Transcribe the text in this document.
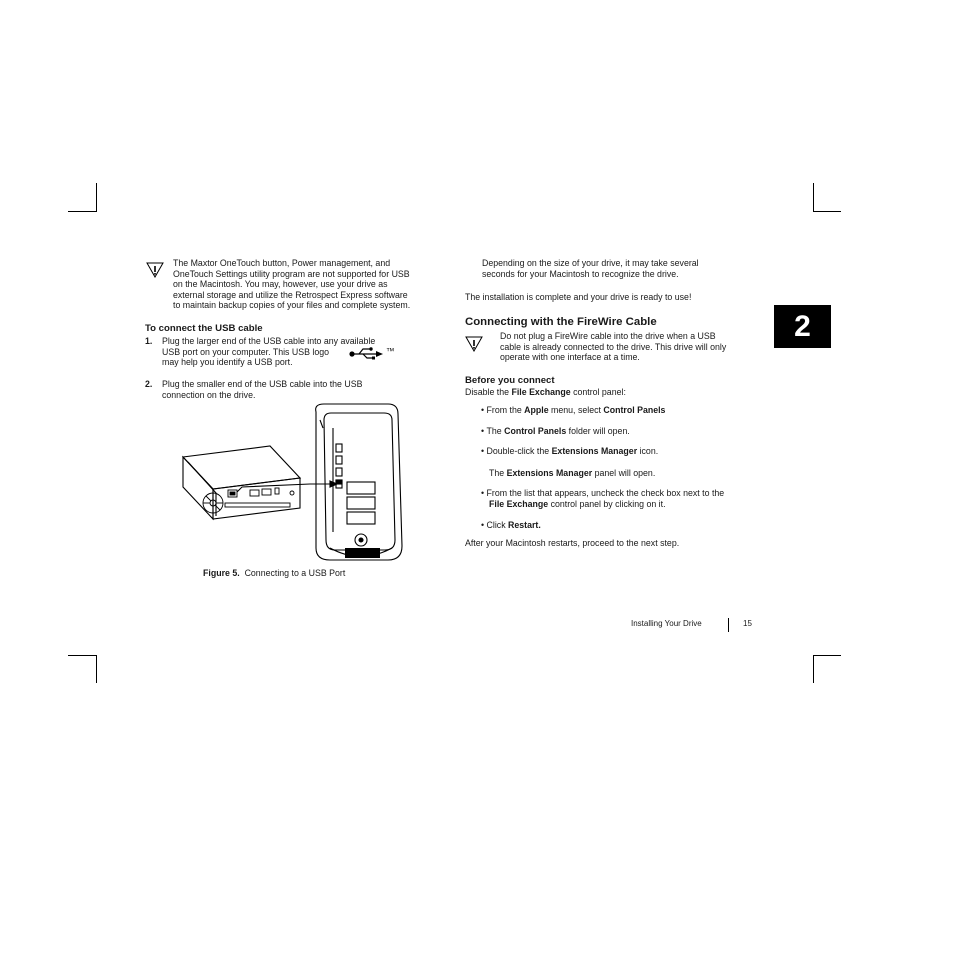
2
The Maxtor OneTouch button, Power management, and
OneTouch Settings utility program are not supported for USB
on the Macintosh. You may, however, use your drive as
external storage and utilize the Retrospect Express software
to maintain backup copies of your files and complete system.
To connect the USB cable
1. Plug the larger end of the USB cable into any available
USB port on your computer. This USB logo
may help you identify a USB port.
™
2. Plug the smaller end of the USB cable into the USB
connection on the drive.
Figure 5. Connecting to a USB Port
Depending on the size of your drive, it may take several
seconds for your Macintosh to recognize the drive.
The installation is complete and your drive is ready to use!
Connecting with the FireWire Cable
Do not plug a FireWire cable into the drive when a USB
cable is already connected to the drive. This drive will only
operate with one interface at a time.
Before you connect
Disable the File Exchange control panel:
• From the Apple menu, select Control Panels
• The Control Panels folder will open.
• Double-click the Extensions Manager icon.
The Extensions Manager panel will open.
• From the list that appears, uncheck the check box next to the
File Exchange control panel by clicking on it.
• Click Restart.
After your Macintosh restarts, proceed to the next step.
Installing Your Drive	15
